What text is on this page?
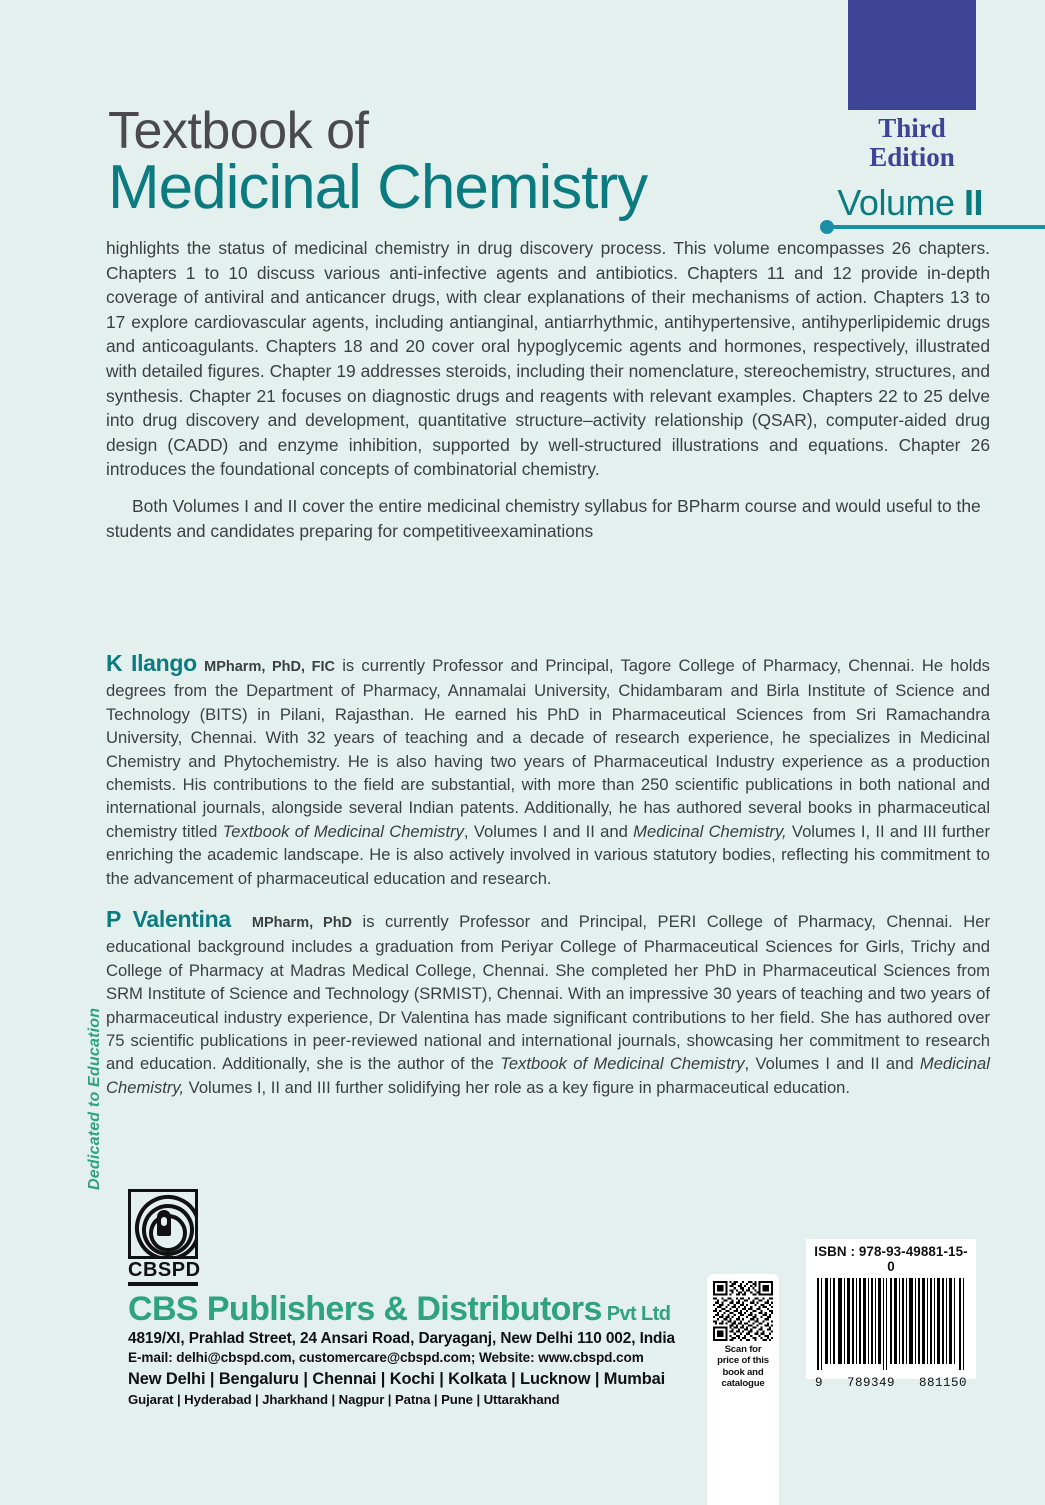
Textbook of
Medicinal Chemistry
Third
Edition
Volume II

highlights the status of medicinal chemistry in drug discovery process. This volume encompasses 26 chapters. Chapters 1 to 10 discuss various anti-infective agents and antibiotics. Chapters 11 and 12 provide in-depth coverage of antiviral and anticancer drugs, with clear explanations of their mechanisms of action. Chapters 13 to 17 explore cardiovascular agents, including antianginal, antiarrhythmic, antihypertensive, antihyperlipidemic drugs and anticoagulants. Chapters 18 and 20 cover oral hypoglycemic agents and hormones, respectively, illustrated with detailed figures. Chapter 19 addresses steroids, including their nomenclature, stereochemistry, structures, and synthesis. Chapter 21 focuses on diagnostic drugs and reagents with relevant examples. Chapters 22 to 25 delve into drug discovery and development, quantitative structure–activity relationship (QSAR), computer-aided drug design (CADD) and enzyme inhibition, supported by well-structured illustrations and equations. Chapter 26 introduces the foundational concepts of combinatorial chemistry.

Both Volumes I and II cover the entire medicinal chemistry syllabus for BPharm course and would useful to the students and candidates preparing for competitiveexaminations

K Ilango MPharm, PhD, FIC is currently Professor and Principal, Tagore College of Pharmacy, Chennai. He holds degrees from the Department of Pharmacy, Annamalai University, Chidambaram and Birla Institute of Science and Technology (BITS) in Pilani, Rajasthan. He earned his PhD in Pharmaceutical Sciences from Sri Ramachandra University, Chennai. With 32 years of teaching and a decade of research experience, he specializes in Medicinal Chemistry and Phytochemistry. He is also having two years of Pharmaceutical Industry experience as a production chemists. His contributions to the field are substantial, with more than 250 scientific publications in both national and international journals, alongside several Indian patents. Additionally, he has authored several books in pharmaceutical chemistry titled Textbook of Medicinal Chemistry, Volumes I and II and Medicinal Chemistry, Volumes I, II and III further enriching the academic landscape. He is also actively involved in various statutory bodies, reflecting his commitment to the advancement of pharmaceutical education and research.
P Valentina MPharm, PhD is currently Professor and Principal, PERI College of Pharmacy, Chennai. Her educational background includes a graduation from Periyar College of Pharmaceutical Sciences for Girls, Trichy and College of Pharmacy at Madras Medical College, Chennai. She completed her PhD in Pharmaceutical Sciences from SRM Institute of Science and Technology (SRMIST), Chennai. With an impressive 30 years of teaching and two years of pharmaceutical industry experience, Dr Valentina has made significant contributions to her field. She has authored over 75 scientific publications in peer-reviewed national and international journals, showcasing her commitment to research and education. Additionally, she is the author of the Textbook of Medicinal Chemistry, Volumes I and II and Medicinal Chemistry, Volumes I, II and III further solidifying her role as a key figure in pharmaceutical education.
Dedicated to Education
CBSPD
CBS Publishers & Distributors Pvt Ltd
4819/XI, Prahlad Street, 24 Ansari Road, Daryaganj, New Delhi 110 002, India
E-mail: delhi@cbspd.com, customercare@cbspd.com; Website: www.cbspd.com
New Delhi | Bengaluru | Chennai | Kochi | Kolkata | Lucknow | Mumbai
Gujarat | Hyderabad | Jharkhand | Nagpur | Patna | Pune | Uttarakhand
Scan for price of this book and catalogue
ISBN : 978-93-49881-15-0
9 789349 881150
